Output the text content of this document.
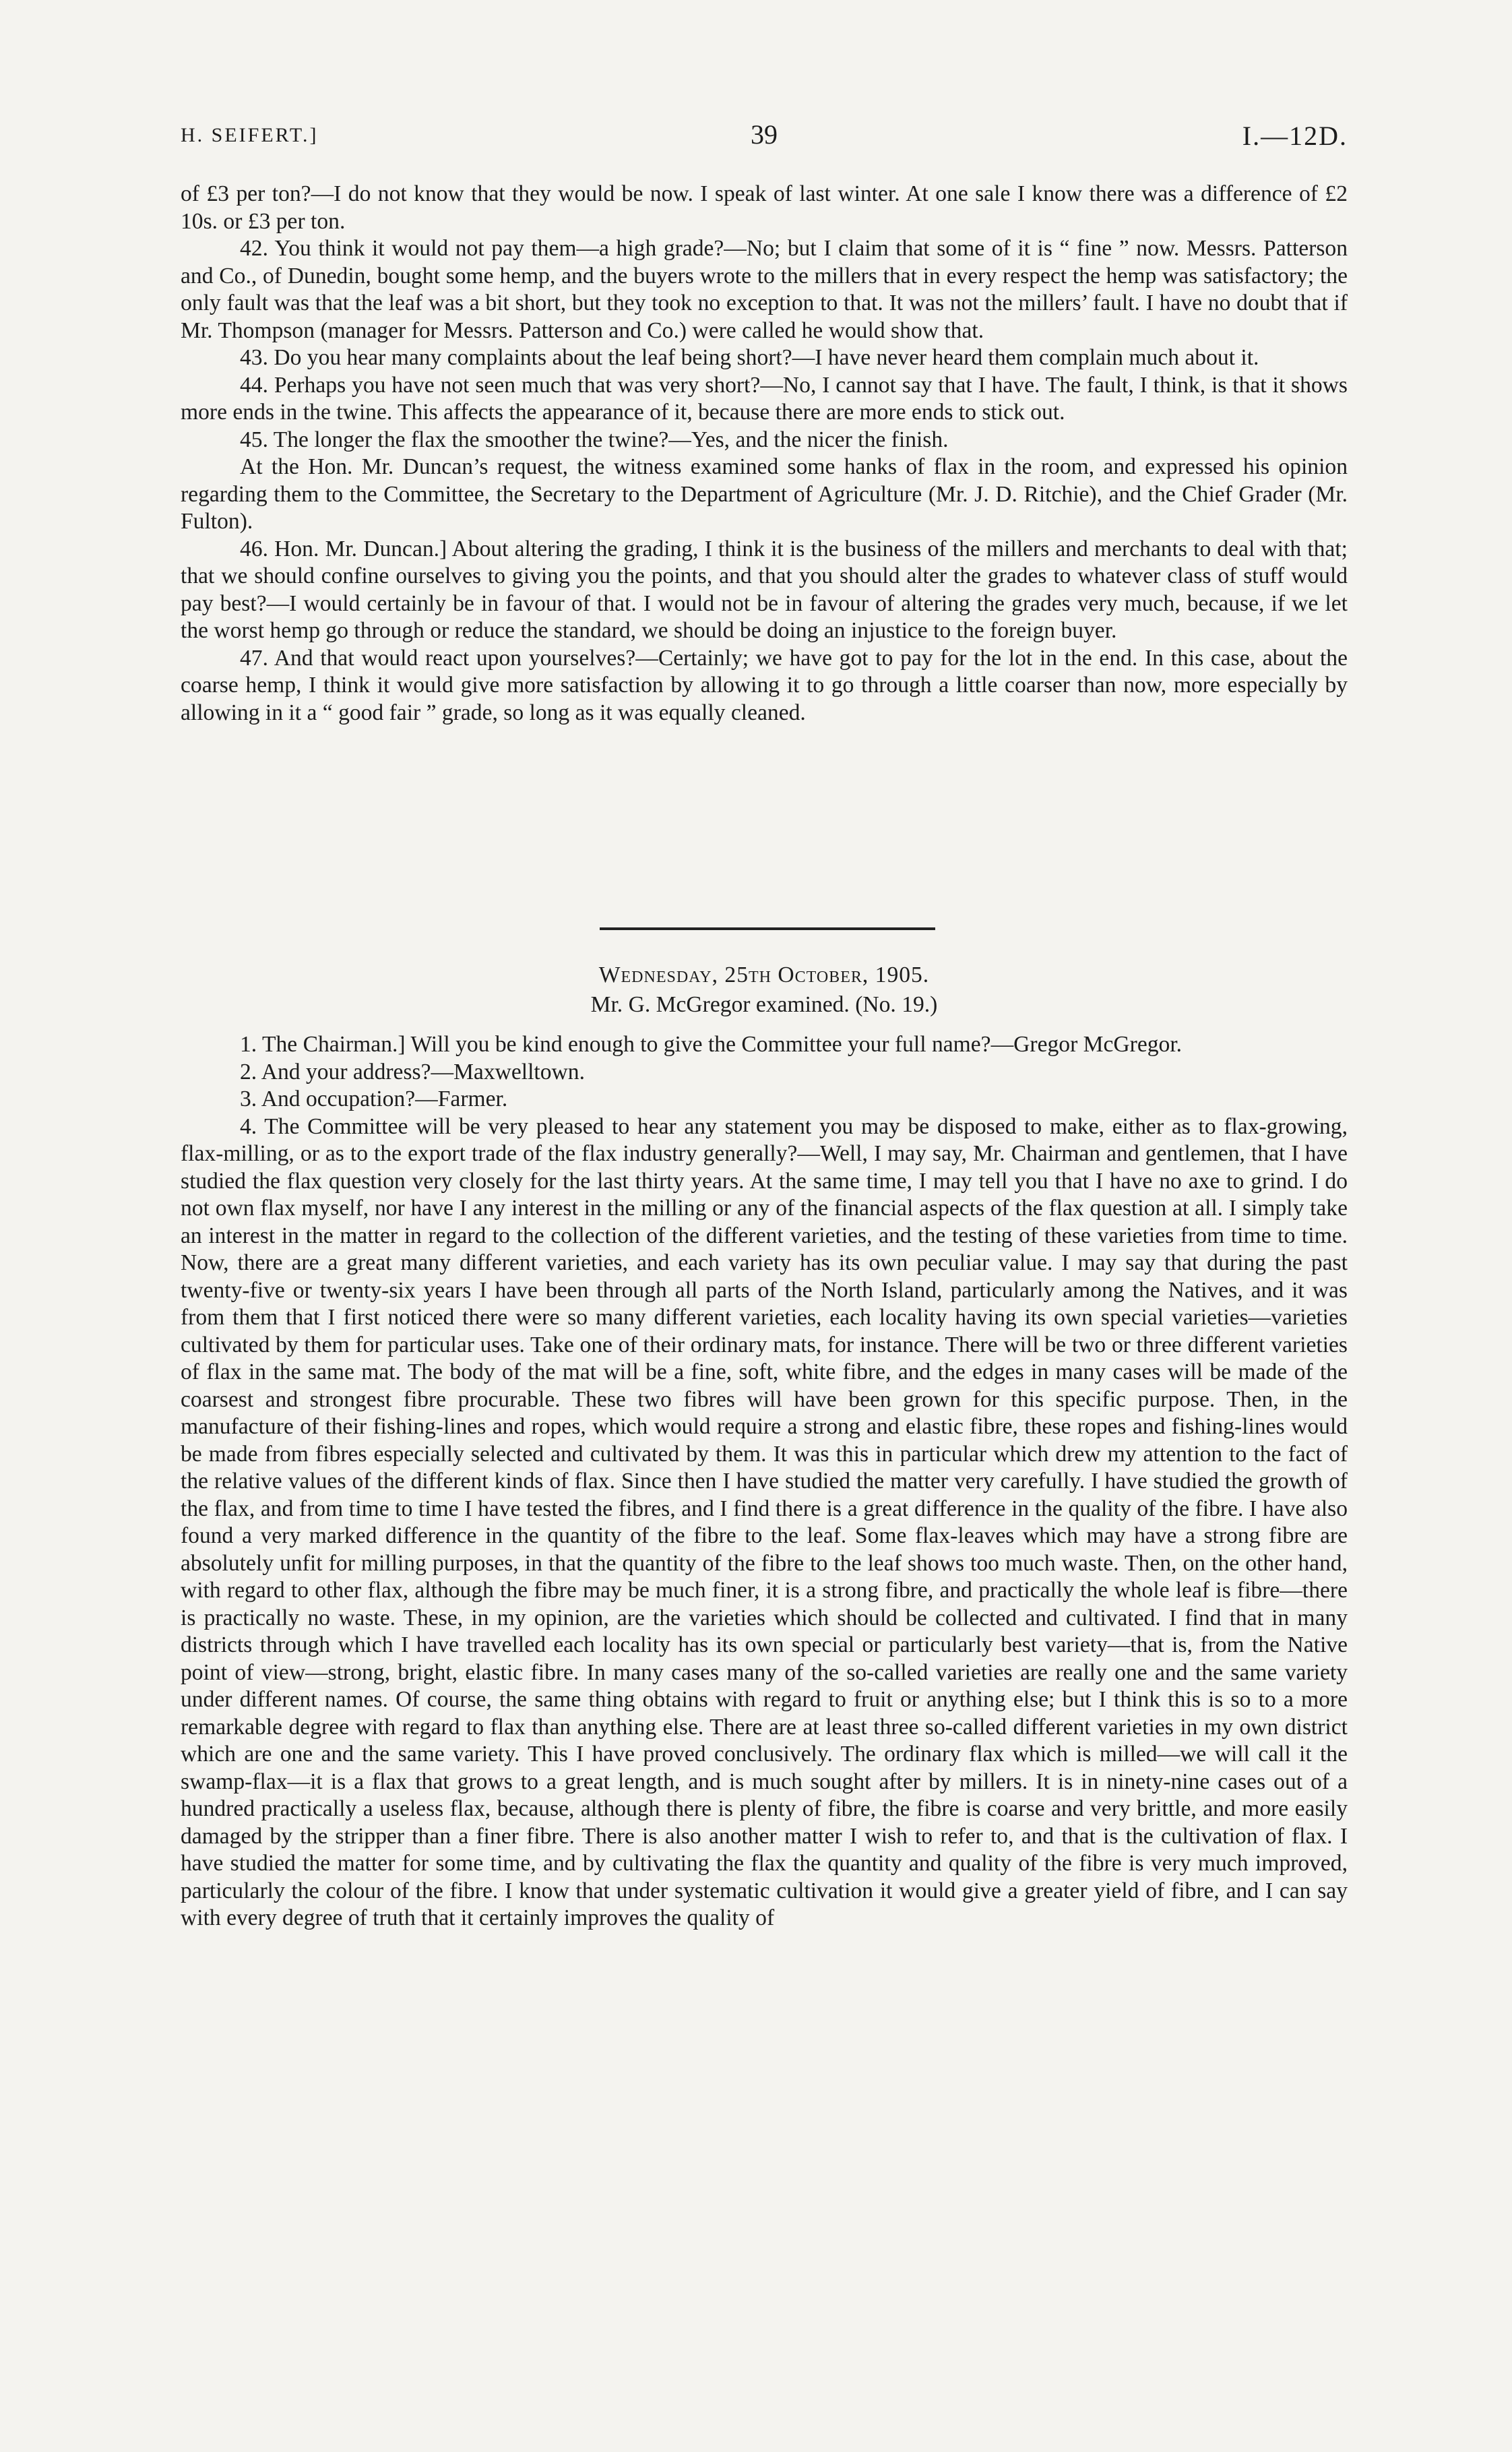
H. SEIFERT.]	39	I.—12D.

of £3 per ton?—I do not know that they would be now. I speak of last winter. At one sale I know there was a difference of £2 10s. or £3 per ton.

42. You think it would not pay them—a high grade?—No; but I claim that some of it is “ fine ” now. Messrs. Patterson and Co., of Dunedin, bought some hemp, and the buyers wrote to the millers that in every respect the hemp was satisfactory; the only fault was that the leaf was a bit short, but they took no exception to that. It was not the millers’ fault. I have no doubt that if Mr. Thompson (manager for Messrs. Patterson and Co.) were called he would show that.

43. Do you hear many complaints about the leaf being short?—I have never heard them complain much about it.

44. Perhaps you have not seen much that was very short?—No, I cannot say that I have. The fault, I think, is that it shows more ends in the twine. This affects the appearance of it, because there are more ends to stick out.

45. The longer the flax the smoother the twine?—Yes, and the nicer the finish.

At the Hon. Mr. Duncan’s request, the witness examined some hanks of flax in the room, and expressed his opinion regarding them to the Committee, the Secretary to the Department of Agriculture (Mr. J. D. Ritchie), and the Chief Grader (Mr. Fulton).

46. Hon. Mr. Duncan.] About altering the grading, I think it is the business of the millers and merchants to deal with that; that we should confine ourselves to giving you the points, and that you should alter the grades to whatever class of stuff would pay best?—I would certainly be in favour of that. I would not be in favour of altering the grades very much, because, if we let the worst hemp go through or reduce the standard, we should be doing an injustice to the foreign buyer.

47. And that would react upon yourselves?—Certainly; we have got to pay for the lot in the end. In this case, about the coarse hemp, I think it would give more satisfaction by allowing it to go through a little coarser than now, more especially by allowing in it a “ good fair ” grade, so long as it was equally cleaned.

Wednesday, 25th October, 1905.
Mr. G. McGregor examined. (No. 19.)

1. The Chairman.] Will you be kind enough to give the Committee your full name?—Gregor McGregor.

2. And your address?—Maxwelltown.

3. And occupation?—Farmer.

4. The Committee will be very pleased to hear any statement you may be disposed to make, either as to flax-growing, flax-milling, or as to the export trade of the flax industry generally?—Well, I may say, Mr. Chairman and gentlemen, that I have studied the flax question very closely for the last thirty years. At the same time, I may tell you that I have no axe to grind. I do not own flax myself, nor have I any interest in the milling or any of the financial aspects of the flax question at all. I simply take an interest in the matter in regard to the collection of the different varieties, and the testing of these varieties from time to time. Now, there are a great many different varieties, and each variety has its own peculiar value. I may say that during the past twenty-five or twenty-six years I have been through all parts of the North Island, particularly among the Natives, and it was from them that I first noticed there were so many different varieties, each locality having its own special varieties—varieties cultivated by them for particular uses. Take one of their ordinary mats, for instance. There will be two or three different varieties of flax in the same mat. The body of the mat will be a fine, soft, white fibre, and the edges in many cases will be made of the coarsest and strongest fibre procurable. These two fibres will have been grown for this specific purpose. Then, in the manufacture of their fishing-lines and ropes, which would require a strong and elastic fibre, these ropes and fishing-lines would be made from fibres especially selected and cultivated by them. It was this in particular which drew my attention to the fact of the relative values of the different kinds of flax. Since then I have studied the matter very carefully. I have studied the growth of the flax, and from time to time I have tested the fibres, and I find there is a great difference in the quality of the fibre. I have also found a very marked difference in the quantity of the fibre to the leaf. Some flax-leaves which may have a strong fibre are absolutely unfit for milling purposes, in that the quantity of the fibre to the leaf shows too much waste. Then, on the other hand, with regard to other flax, although the fibre may be much finer, it is a strong fibre, and practically the whole leaf is fibre—there is practically no waste. These, in my opinion, are the varieties which should be collected and cultivated. I find that in many districts through which I have travelled each locality has its own special or particularly best variety—that is, from the Native point of view—strong, bright, elastic fibre. In many cases many of the so-called varieties are really one and the same variety under different names. Of course, the same thing obtains with regard to fruit or anything else; but I think this is so to a more remarkable degree with regard to flax than anything else. There are at least three so-called different varieties in my own district which are one and the same variety. This I have proved conclusively. The ordinary flax which is milled—we will call it the swamp-flax—it is a flax that grows to a great length, and is much sought after by millers. It is in ninety-nine cases out of a hundred practically a useless flax, because, although there is plenty of fibre, the fibre is coarse and very brittle, and more easily damaged by the stripper than a finer fibre. There is also another matter I wish to refer to, and that is the cultivation of flax. I have studied the matter for some time, and by cultivating the flax the quantity and quality of the fibre is very much improved, particularly the colour of the fibre. I know that under systematic cultivation it would give a greater yield of fibre, and I can say with every degree of truth that it certainly improves the quality of
